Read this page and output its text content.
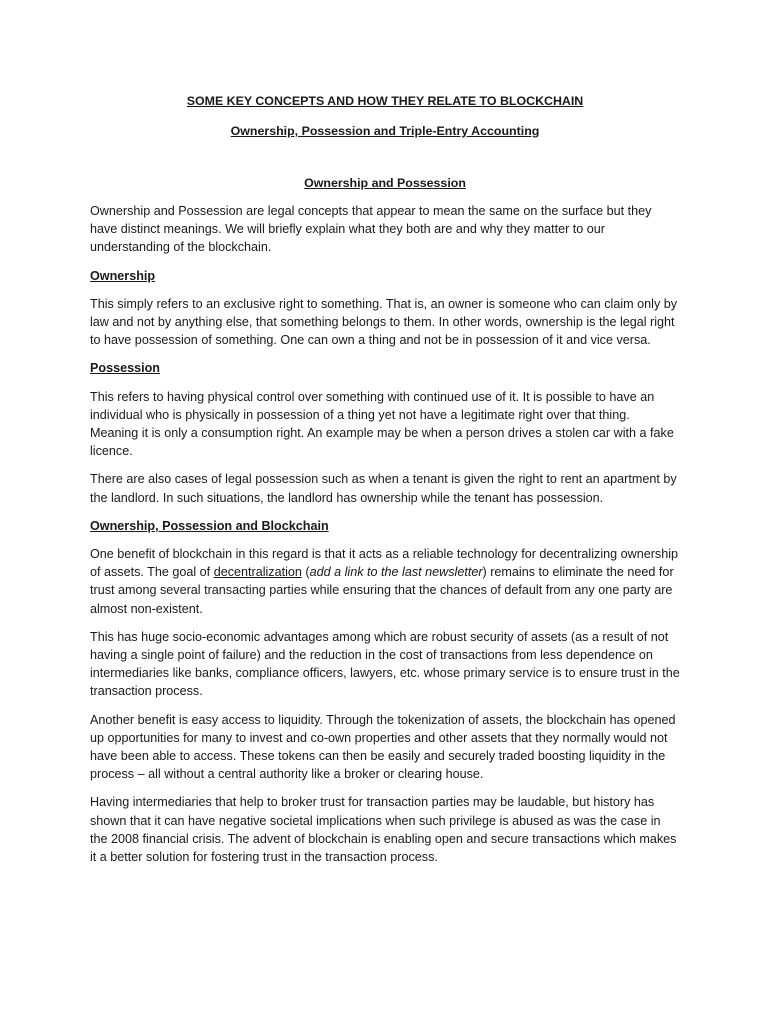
SOME KEY CONCEPTS AND HOW THEY RELATE TO BLOCKCHAIN
Ownership, Possession and Triple-Entry Accounting
Ownership and Possession

Ownership and Possession are legal concepts that appear to mean the same on the surface but they have distinct meanings. We will briefly explain what they both are and why they matter to our understanding of the blockchain.

Ownership

This simply refers to an exclusive right to something. That is, an owner is someone who can claim only by law and not by anything else, that something belongs to them. In other words, ownership is the legal right to have possession of something. One can own a thing and not be in possession of it and vice versa.

Possession

This refers to having physical control over something with continued use of it. It is possible to have an individual who is physically in possession of a thing yet not have a legitimate right over that thing. Meaning it is only a consumption right. An example may be when a person drives a stolen car with a fake licence.

There are also cases of legal possession such as when a tenant is given the right to rent an apartment by the landlord. In such situations, the landlord has ownership while the tenant has possession.

Ownership, Possession and Blockchain

One benefit of blockchain in this regard is that it acts as a reliable technology for decentralizing ownership of assets. The goal of decentralization (add a link to the last newsletter) remains to eliminate the need for trust among several transacting parties while ensuring that the chances of default from any one party are almost non-existent.

This has huge socio-economic advantages among which are robust security of assets (as a result of not having a single point of failure) and the reduction in the cost of transactions from less dependence on intermediaries like banks, compliance officers, lawyers, etc. whose primary service is to ensure trust in the transaction process.

Another benefit is easy access to liquidity. Through the tokenization of assets, the blockchain has opened up opportunities for many to invest and co-own properties and other assets that they normally would not have been able to access. These tokens can then be easily and securely traded boosting liquidity in the process – all without a central authority like a broker or clearing house.

Having intermediaries that help to broker trust for transaction parties may be laudable, but history has shown that it can have negative societal implications when such privilege is abused as was the case in the 2008 financial crisis. The advent of blockchain is enabling open and secure transactions which makes it a better solution for fostering trust in the transaction process.
